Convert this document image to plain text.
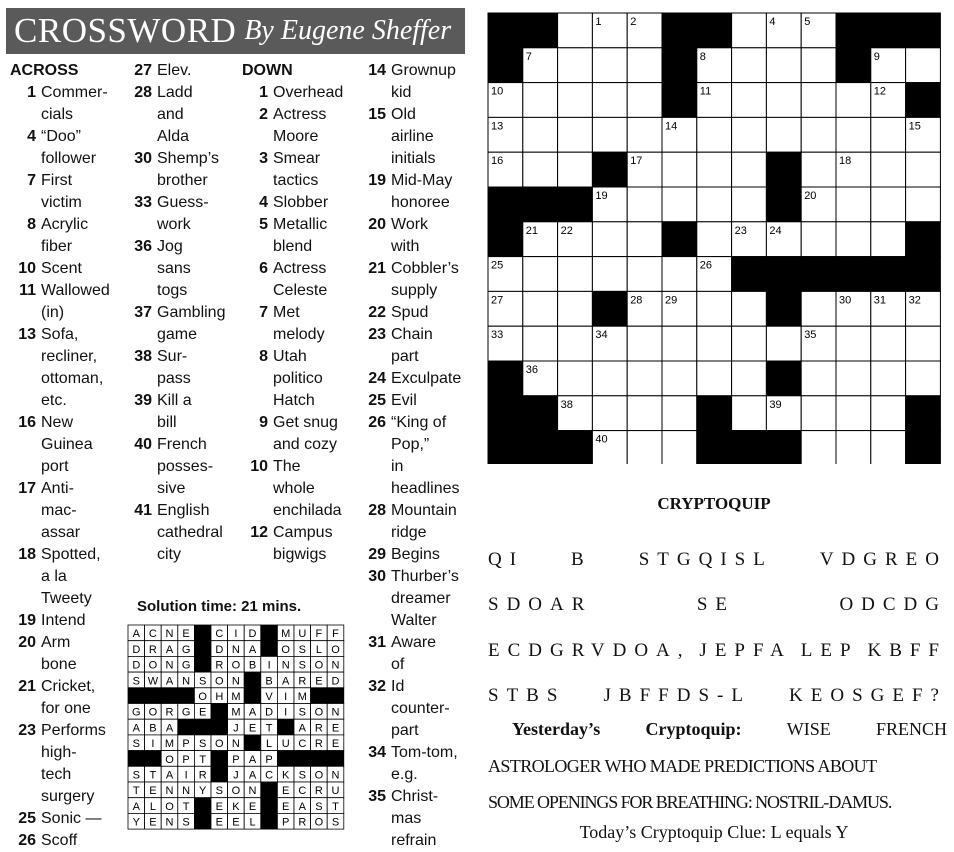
CROSSWORD By Eugene Sheffer
ACROSS
1 Commer-
cials
4 “Doo”
follower
7 First
victim
8 Acrylic
fiber
10 Scent
11 Wallowed
(in)
13 Sofa,
recliner,
ottoman,
etc.
16 New
Guinea
port
17 Anti-
mac-
assar
18 Spotted,
a la
Tweety
19 Intend
20 Arm
bone
21 Cricket,
for one
23 Performs
high-
tech
surgery
25 Sonic —
26 Scoff
27 Elev.
28 Ladd
and
Alda
30 Shemp’s
brother
33 Guess-
work
36 Jog
sans
togs
37 Gambling
game
38 Sur-
pass
39 Kill a
bill
40 French
posses-
sive
41 English
cathedral
city
DOWN
1 Overhead
2 Actress
Moore
3 Smear
tactics
4 Slobber
5 Metallic
blend
6 Actress
Celeste
7 Met
melody
8 Utah
politico
Hatch
9 Get snug
and cozy
10 The
whole
enchilada
12 Campus
bigwigs
14 Grownup
kid
15 Old
airline
initials
19 Mid-May
honoree
20 Work
with
21 Cobbler’s
supply
22 Spud
23 Chain
part
24 Exculpate
25 Evil
26 “King of
Pop,”
in
headlines
28 Mountain
ridge
29 Begins
30 Thurber’s
dreamer
Walter
31 Aware
of
32 Id
counter-
part
34 Tom-tom,
e.g.
35 Christ-
mas
refrain
Solution time: 21 mins.
A C N E C I D M U F F
D R A G D N A O S L O
D O N G R O B I N S O N
S W A N S O N B A R E D
O H M V I M
G O R G E M A D I S O N
A B A	J E T A R E
S I M P S O N L U C R E
O P T P A P
S T A I R J A C K S O N
T E N N Y S O N E C R U
A L O T E K E E A S T
Y E N S E E L P R O S
1	2	3	4	5	6
7	8	9
10	11	12
13	14	15
16	17	18
19	20
21 22	23 24
25	26
27	28 29	30 31 32
33	34	35
36	37
38	39
40	41
CRYPTOQUIP
QI B STGQISL VDGREO
SDOAR	SE	ODCDG
ECDGRVDOA, JEPFA LEP KBFF
STBS JBFFDS-L KEOSGEF?
Yesterday’s	Cryptoquip:	WISE	FRENCH
ASTROLOGER WHO MADE PREDICTIONS ABOUT
SOME OPENINGS FOR BREATHING: NOSTRIL-DAMUS.
Today’s Cryptoquip Clue: L equals Y
